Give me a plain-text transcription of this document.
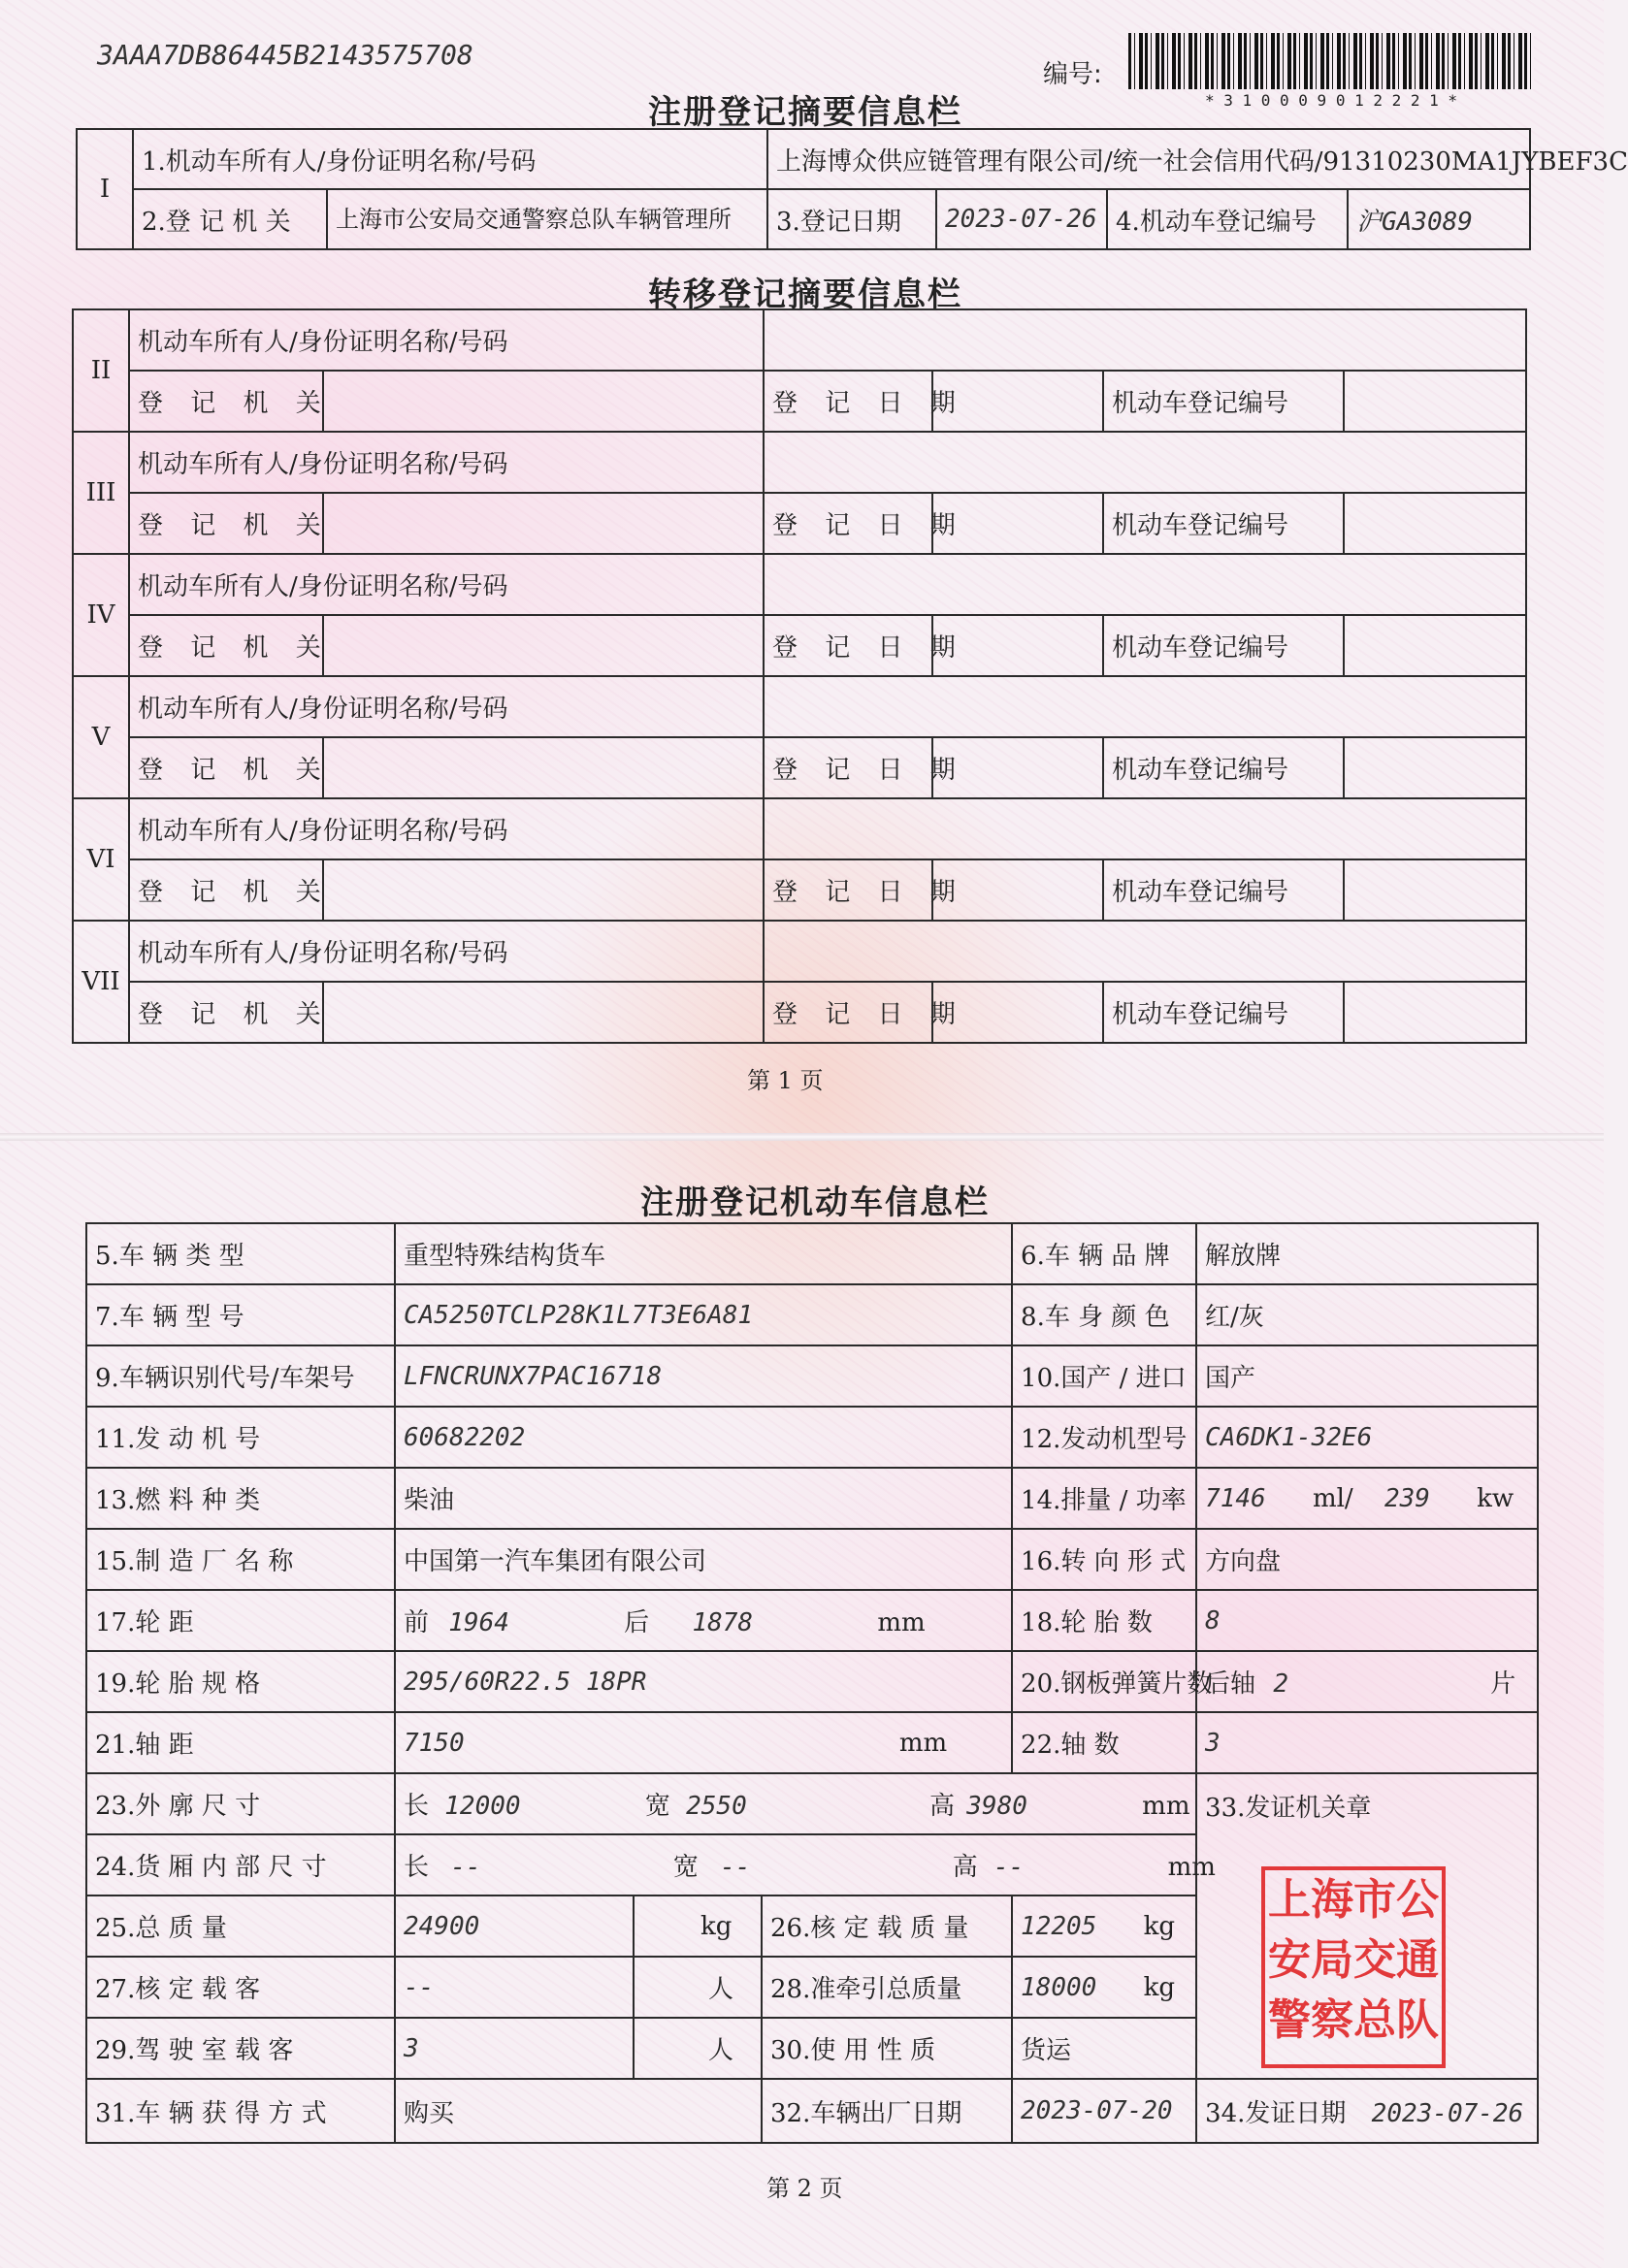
3AAA7DB86445B2143575708
编号:
* 3 1 0 0 0 9 0 1 2 2 2 1 *
注册登记摘要信息栏
I	1.机动车所有人/身份证明名称/号码		上海博众供应链管理有限公司/统一社会信用代码/91310230MA1JYBEF3C			
	2.登 记 机 关	上海市公安局交通警察总队车辆管理所	3.登记日期	2023-07-26	4.机动车登记编号	沪GA3089
转移登记摘要信息栏
II	机动车所有人/身份证明名称/号码					
	登 记 机 关		登 记 日 期		机动车登记编号	
III	机动车所有人/身份证明名称/号码					
	登 记 机 关		登 记 日 期		机动车登记编号	
IV	机动车所有人/身份证明名称/号码					
	登 记 机 关		登 记 日 期		机动车登记编号	
V	机动车所有人/身份证明名称/号码					
	登 记 机 关		登 记 日 期		机动车登记编号	
VI	机动车所有人/身份证明名称/号码					
	登 记 机 关		登 记 日 期		机动车登记编号	
VII	机动车所有人/身份证明名称/号码					
	登 记 机 关		登 记 日 期		机动车登记编号	
第 1 页
注册登记机动车信息栏
5.车 辆 类 型	重型特殊结构货车			6.车 辆 品 牌	解放牌
7.车 辆 型 号	CA5250TCLP28K1L7T3E6A81			8.车 身 颜 色	红/灰
9.车辆识别代号/车架号	LFNCRUNX7PAC16718			10.国产 / 进口	国产
11.发 动 机 号	60682202			12.发动机型号	CA6DK1-32E6
13.燃 料 种 类	柴油			14.排量 / 功率	7146 ml/ 239 kw
15.制 造 厂 名 称	中国第一汽车集团有限公司			16.转 向 形 式	方向盘
17.轮 距	前 1964 后 1878 mm			18.轮 胎 数	8
19.轮 胎 规 格	295/60R22.5 18PR			20.钢板弹簧片数	后轴 2 片
21.轴 距	7150 mm			22.轴 数	3
23.外 廓 尺 寸	长 12000 宽 2550 高 3980 mm				33.发证机关章

24.货 厢 内 部 尺 寸	长 -- 宽 -- 高 -- mm				
25.总 质 量	24900	kg	26.核 定 载 质 量	12205 kg	
27.核 定 载 客	--	人	28.准牵引总质量	18000 kg	
29.驾 驶 室 载 客	3	人	30.使 用 性 质	货运	
31.车 辆 获 得 方 式	购买		32.车辆出厂日期	2023-07-20	34.发证日期 2023-07-26
上海市公
安局交通
警察总队
第 2 页
